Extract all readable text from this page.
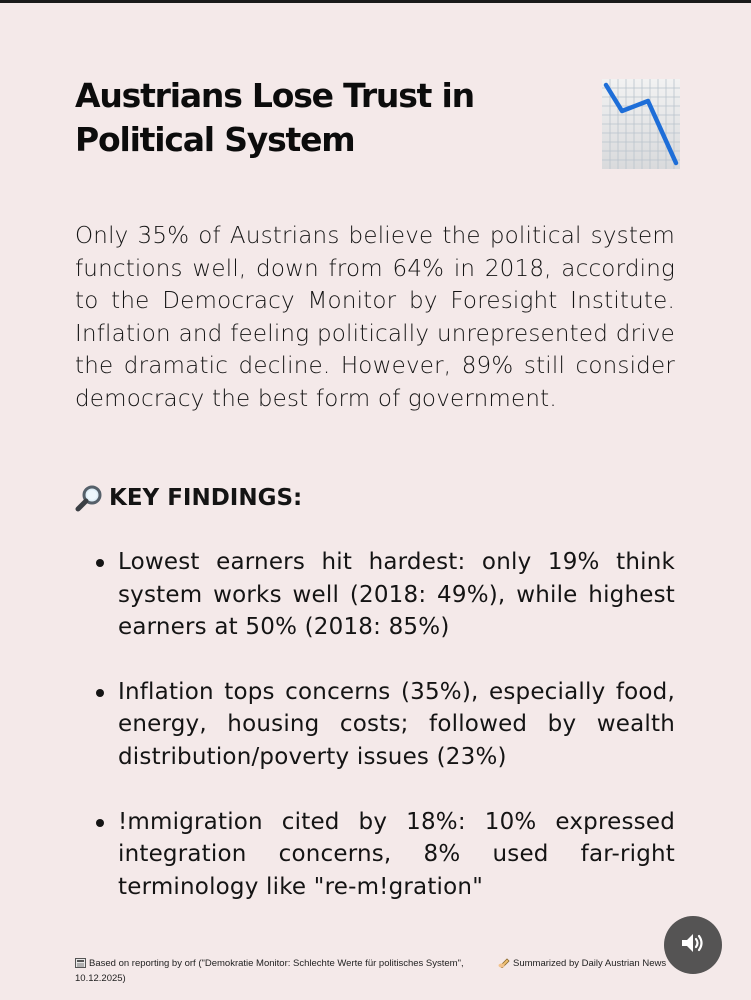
Austrians Lose Trust in
Political System

Only 35% of Austrians believe the political system functions well, down from 64% in 2018, according to the Democracy Monitor by Foresight Institute. Inflation and feeling politically unrepresented drive the dramatic decline. However, 89% still consider democracy the best form of government.

KEY FINDINGS:
Lowest earners hit hardest: only 19% think system works well (2018: 49%), while highest earners at 50% (2018: 85%)
Inflation tops concerns (35%), especially food, energy, housing costs; followed by wealth distribution/poverty issues (23%)
!mmigration cited by 18%: 10% expressed integration concerns, 8% used far-right terminology like "re-m!gration"

Based on reporting by orf ("Demokratie Monitor: Schlechte Werte für politisches System", 10.12.2025)

Summarized by Daily Austrian News
